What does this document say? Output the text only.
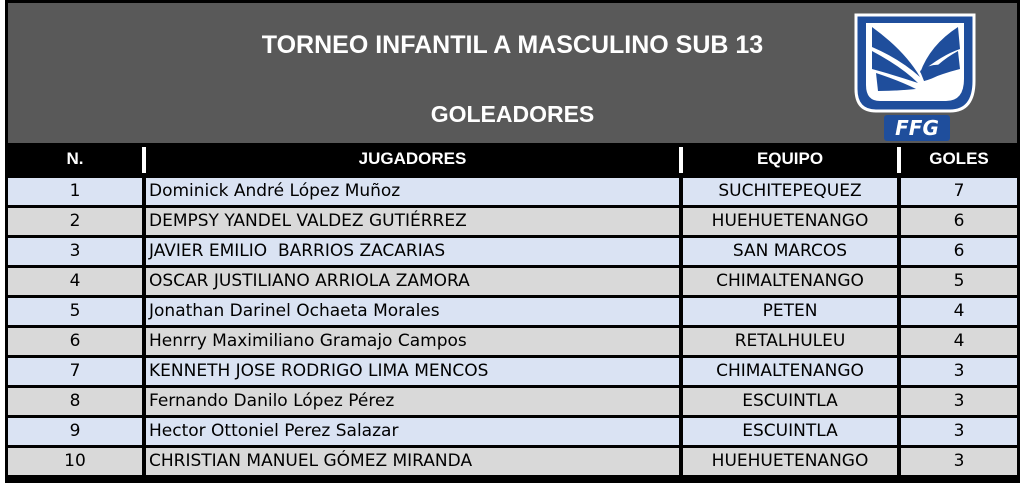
TORNEO INFANTIL A MASCULINO SUB 13
GOLEADORES
FFG
N.	JUGADORES	EQUIPO	GOLES
1	Dominick André López Muñoz	SUCHITEPEQUEZ	7
2	DEMPSY YANDEL VALDEZ GUTIÉRREZ	HUEHUETENANGO	6
3	JAVIER EMILIO  BARRIOS ZACARIAS	SAN MARCOS	6
4	OSCAR JUSTILIANO ARRIOLA ZAMORA	CHIMALTENANGO	5
5	Jonathan Darinel Ochaeta Morales	PETEN	4
6	Henrry Maximiliano Gramajo Campos	RETALHULEU	4
7	KENNETH JOSE RODRIGO LIMA MENCOS	CHIMALTENANGO	3
8	Fernando Danilo López Pérez	ESCUINTLA	3
9	Hector Ottoniel Perez Salazar	ESCUINTLA	3
10	CHRISTIAN MANUEL GÓMEZ MIRANDA	HUEHUETENANGO	3
